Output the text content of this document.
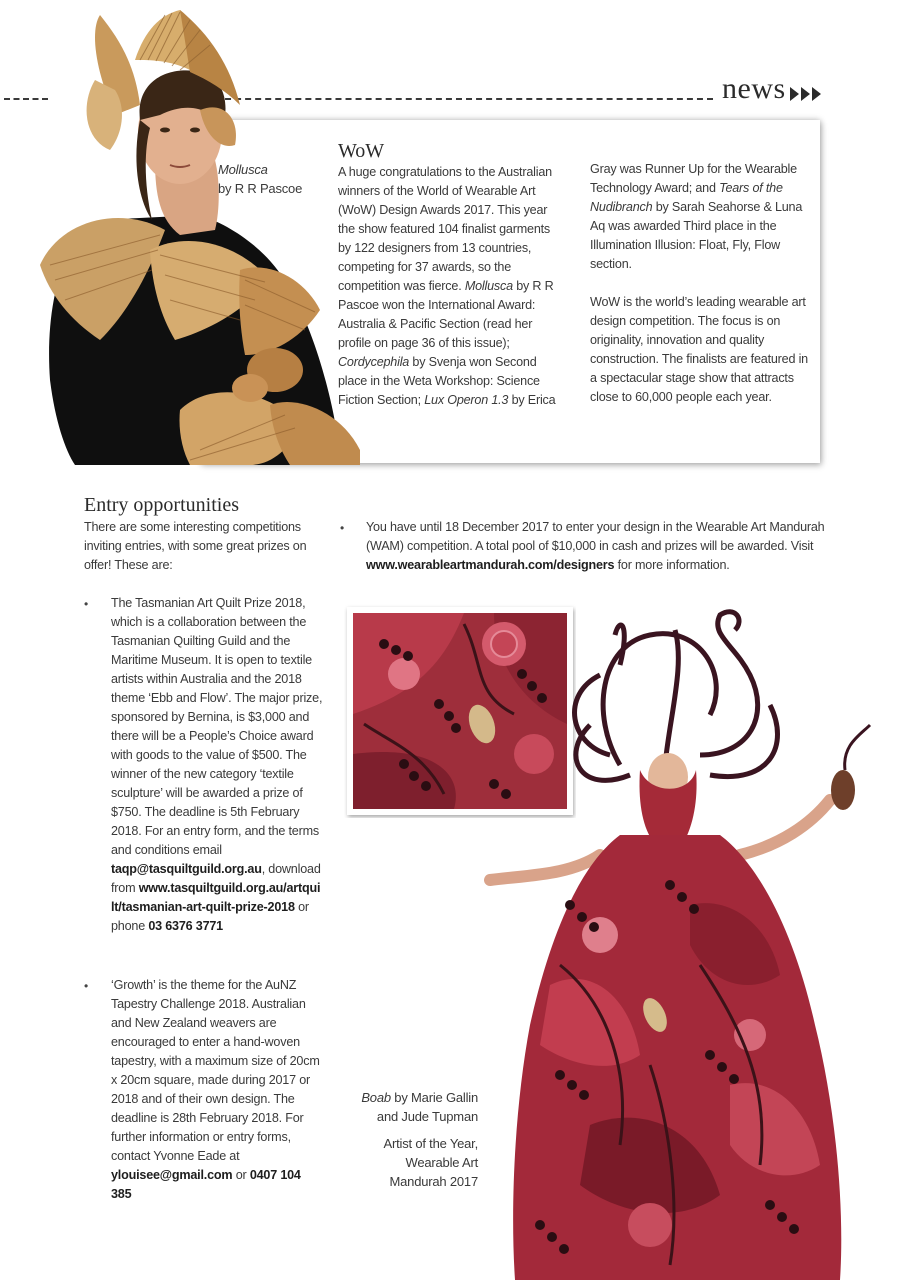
news
Mollusca
by R R Pascoe
WoW
A huge congratulations to the Australian winners of the World of Wearable Art (WoW) Design Awards 2017. This year the show featured 104 finalist garments by 122 designers from 13 countries, competing for 37 awards, so the competition was fierce. Mollusca by R R Pascoe won the International Award: Australia & Pacific Section (read her profile on page 36 of this issue); Cordycephila by Svenja won Second place in the Weta Workshop: Science Fiction Section; Lux Operon 1.3 by Erica
Gray was Runner Up for the Wearable Technology Award; and Tears of the Nudibranch by Sarah Seahorse & Luna Aq was awarded Third place in the Illumination Illusion: Float, Fly, Flow section.
WoW is the world’s leading wearable art design competition. The focus is on originality, innovation and quality construction. The finalists are featured in a spectacular stage show that attracts close to 60,000 people each year.
Entry opportunities
There are some interesting competitions inviting entries, with some great prizes on offer! These are:
• The Tasmanian Art Quilt Prize 2018, which is a collaboration between the Tasmanian Quilting Guild and the Maritime Museum. It is open to textile artists within Australia and the 2018 theme ‘Ebb and Flow’. The major prize, sponsored by Bernina, is $3,000 and there will be a People’s Choice award with goods to the value of $500. The winner of the new category ‘textile sculpture’ will be awarded a prize of $750. The deadline is 5th February 2018. For an entry form, and the terms and conditions email taqp@tasquiltguild.org.au, download from www.tasquiltguild.org.au/artquilt/tasmanian-art-quilt-prize-2018 or phone 03 6376 3771
• ‘Growth’ is the theme for the AuNZ Tapestry Challenge 2018. Australian and New Zealand weavers are encouraged to enter a hand-woven tapestry, with a maximum size of 20cm x 20cm square, made during 2017 or 2018 and of their own design. The deadline is 28th February 2018. For further information or entry forms, contact Yvonne Eade at ylouisee@gmail.com or 0407 104 385
• You have until 18 December 2017 to enter your design in the Wearable Art Mandurah (WAM) competition. A total pool of $10,000 in cash and prizes will be awarded. Visit www.wearableartmandurah.com/designers for more information.
Boab by Marie Gallin and Jude Tupman
Artist of the Year, Wearable Art Mandurah 2017
